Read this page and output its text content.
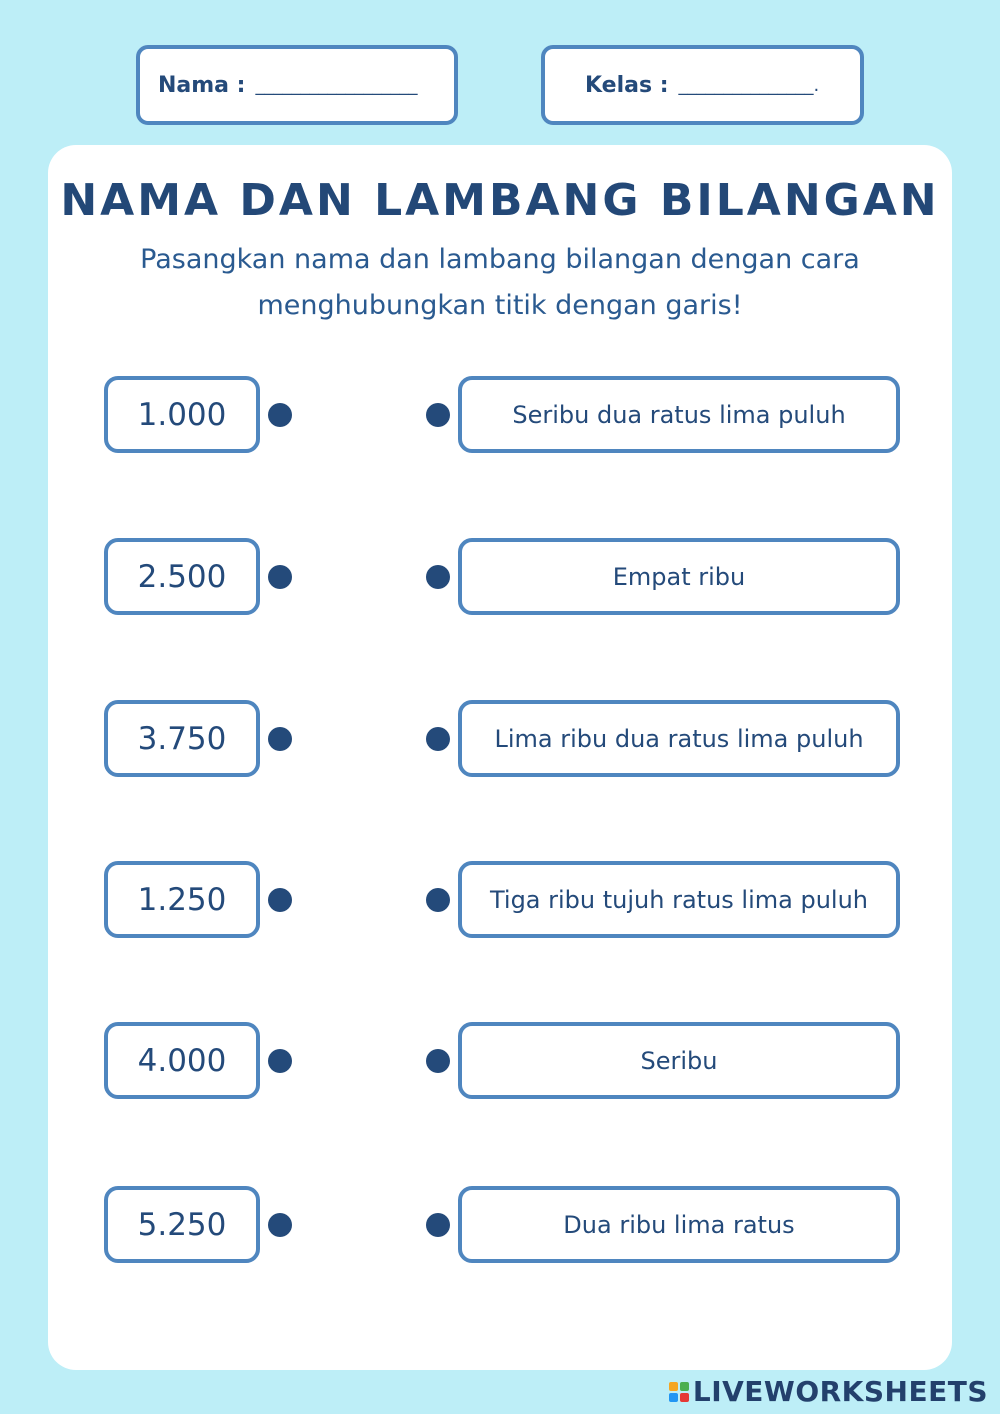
Nama : __________________	Kelas : _______________.
NAMA DAN LAMBANG BILANGAN
Pasangkan nama dan lambang bilangan dengan cara
menghubungkan titik dengan garis!
1.000	Seribu dua ratus lima puluh
2.500	Empat ribu
3.750	Lima ribu dua ratus lima puluh
1.250	Tiga ribu tujuh ratus lima puluh
4.000	Seribu
5.250	Dua ribu lima ratus
LIVEWORKSHEETS
